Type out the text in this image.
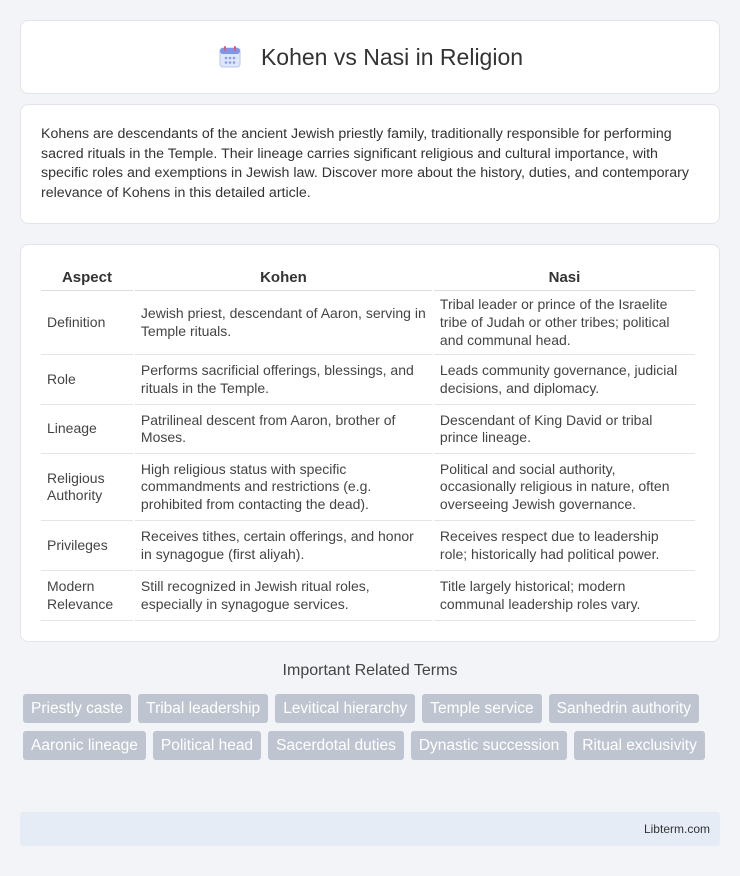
Kohen vs Nasi in Religion

Kohens are descendants of the ancient Jewish priestly family, traditionally responsible for performing sacred rituals in the Temple. Their lineage carries significant religious and cultural importance, with specific roles and exemptions in Jewish law. Discover more about the history, duties, and contemporary relevance of Kohens in this detailed article.

Aspect	Kohen	Nasi
Definition	Jewish priest, descendant of Aaron, serving in Temple rituals.	Tribal leader or prince of the Israelite tribe of Judah or other tribes; political and communal head.
Role	Performs sacrificial offerings, blessings, and rituals in the Temple.	Leads community governance, judicial decisions, and diplomacy.
Lineage	Patrilineal descent from Aaron, brother of Moses.	Descendant of King David or tribal prince lineage.
Religious Authority	High religious status with specific commandments and restrictions (e.g. prohibited from contacting the dead).	Political and social authority, occasionally religious in nature, often overseeing Jewish governance.
Privileges	Receives tithes, certain offerings, and honor in synagogue (first aliyah).	Receives respect due to leadership role; historically had political power.
Modern Relevance	Still recognized in Jewish ritual roles, especially in synagogue services.	Title largely historical; modern communal leadership roles vary.
Important Related Terms
Priestly caste	Tribal leadership	Levitical hierarchy	Temple service	Sanhedrin authority
Aaronic lineage	Political head	Sacerdotal duties	Dynastic succession	Ritual exclusivity
Libterm.com
